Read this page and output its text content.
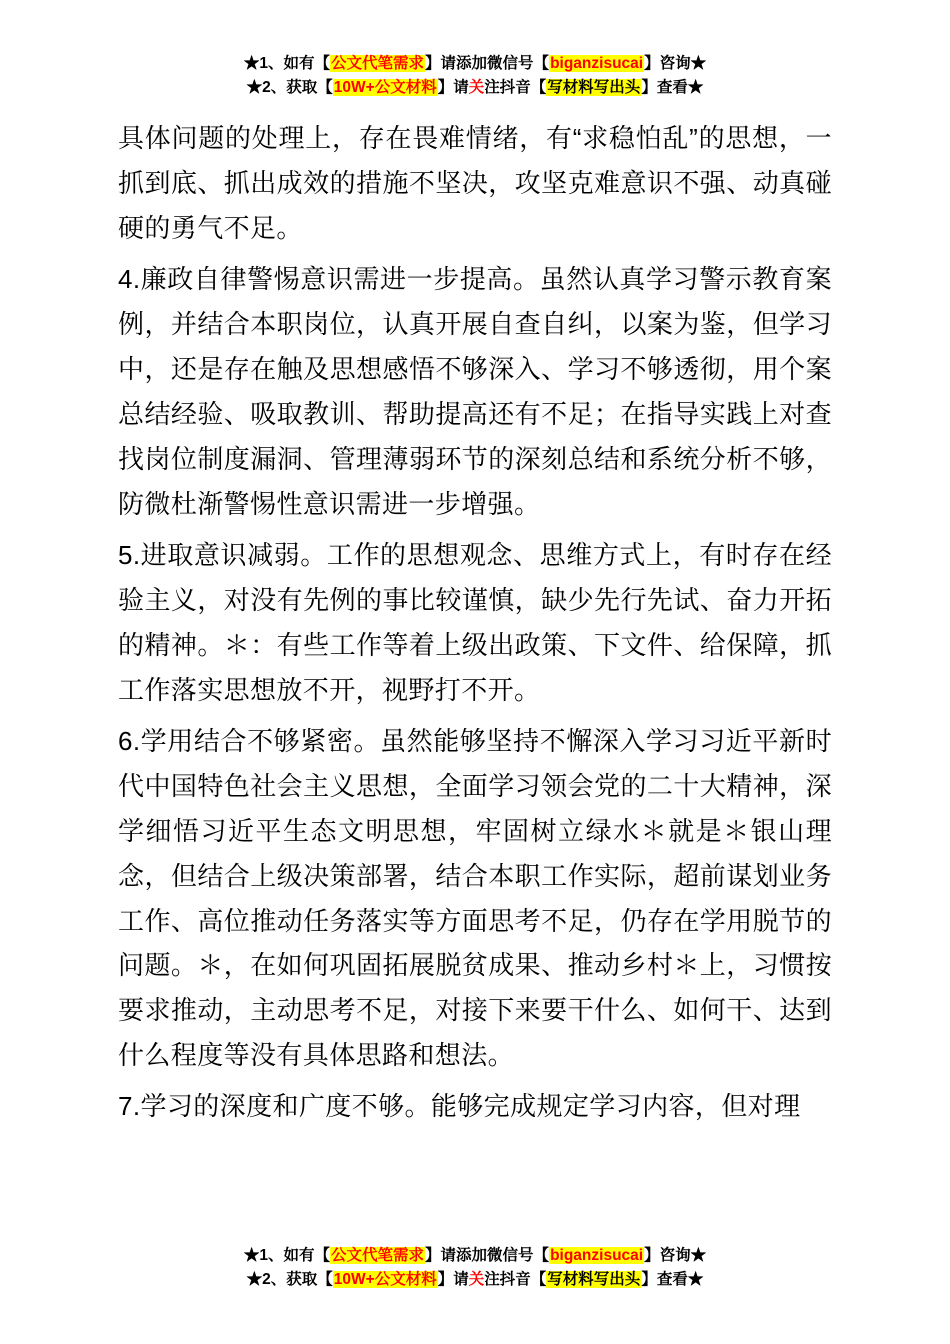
★1、如有【公文代笔需求】请添加微信号【biganzisucai】咨询★
★2、获取【10W+公文材料】请关注抖音【写材料写出头】查看★

具体问题的处理上，存在畏难情绪，有“求稳怕乱”的思想，一抓到底、抓出成效的措施不坚决，攻坚克难意识不强、动真碰硬的勇气不足。

4.廉政自律警惕意识需进一步提高。虽然认真学习警示教育案例，并结合本职岗位，认真开展自查自纠，以案为鉴，但学习中，还是存在触及思想感悟不够深入、学习不够透彻，用个案总结经验、吸取教训、帮助提高还有不足；在指导实践上对查找岗位制度漏洞、管理薄弱环节的深刻总结和系统分析不够，防微杜渐警惕性意识需进一步增强。

5.进取意识减弱。工作的思想观念、思维方式上，有时存在经验主义，对没有先例的事比较谨慎，缺少先行先试、奋力开拓的精神。＊：有些工作等着上级出政策、下文件、给保障，抓工作落实思想放不开，视野打不开。

6.学用结合不够紧密。虽然能够坚持不懈深入学习习近平新时代中国特色社会主义思想，全面学习领会党的二十大精神，深学细悟习近平生态文明思想，牢固树立绿水＊就是＊银山理念，但结合上级决策部署，结合本职工作实际，超前谋划业务工作、高位推动任务落实等方面思考不足，仍存在学用脱节的问题。＊，在如何巩固拓展脱贫成果、推动乡村＊上，习惯按要求推动，主动思考不足，对接下来要干什么、如何干、达到什么程度等没有具体思路和想法。

7.学习的深度和广度不够。能够完成规定学习内容，但对理

★1、如有【公文代笔需求】请添加微信号【biganzisucai】咨询★
★2、获取【10W+公文材料】请关注抖音【写材料写出头】查看★
